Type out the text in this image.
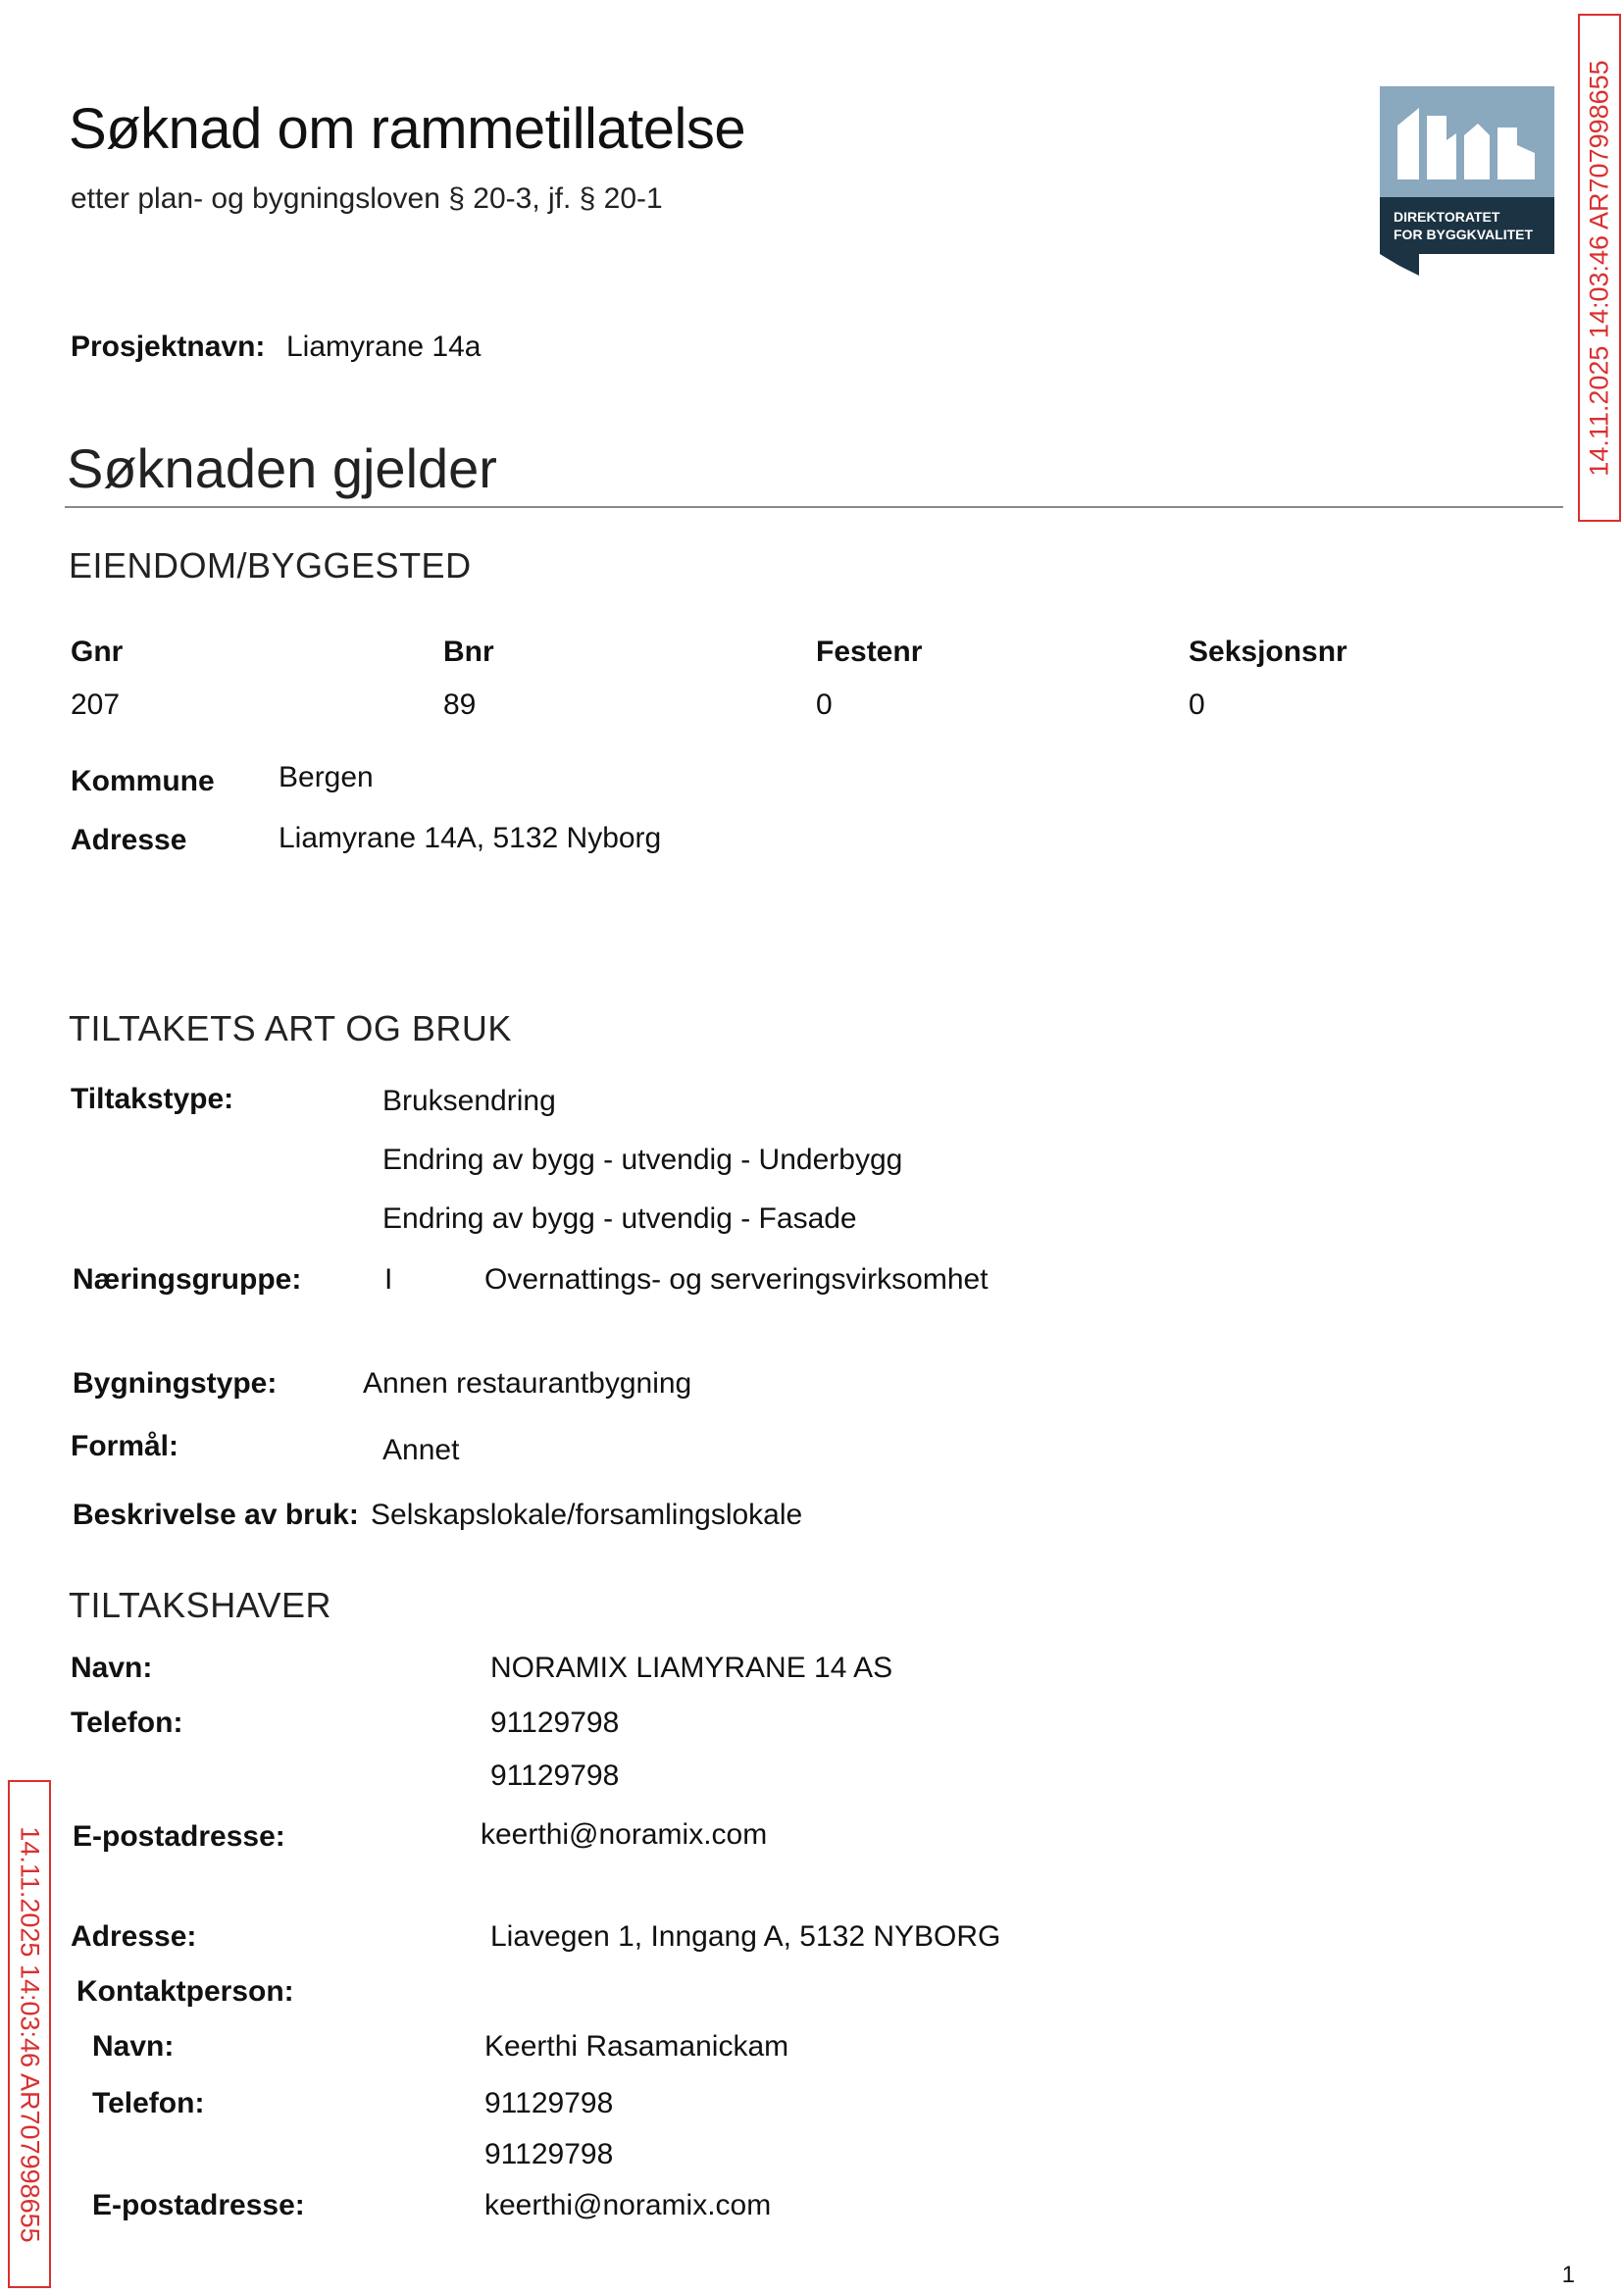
Søknad om rammetillatelse
etter plan- og bygningsloven § 20-3, jf. § 20-1
DIREKTORATET
FOR BYGGKVALITET 14.11.2025 14:03:46 AR707998655
14.11.2025 14:03:46 AR707998655
Prosjektnavn: Liamyrane 14a
Søknaden gjelder
EIENDOM/BYGGESTED
Gnr	Bnr	Festenr	Seksjonsnr
207	89	0	0
Kommune Bergen
Adresse	Liamyrane 14A, 5132 Nyborg
TILTAKETS ART OG BRUK
Tiltakstype:	Bruksendring
Endring av bygg - utvendig - Underbygg
Endring av bygg - utvendig - Fasade
Næringsgruppe:	I	Overnattings- og serveringsvirksomhet
Bygningstype:	Annen restaurantbygning
Formål:	Annet
Beskrivelse av bruk: Selskapslokale/forsamlingslokale
TILTAKSHAVER
Navn:	NORAMIX LIAMYRANE 14 AS
Telefon:	91129798
91129798
E-postadresse:	keerthi@noramix.com
Adresse:	Liavegen 1, Inngang A, 5132 NYBORG
Kontaktperson:
Navn:	Keerthi Rasamanickam
Telefon:	91129798
91129798
E-postadresse:	keerthi@noramix.com
1
